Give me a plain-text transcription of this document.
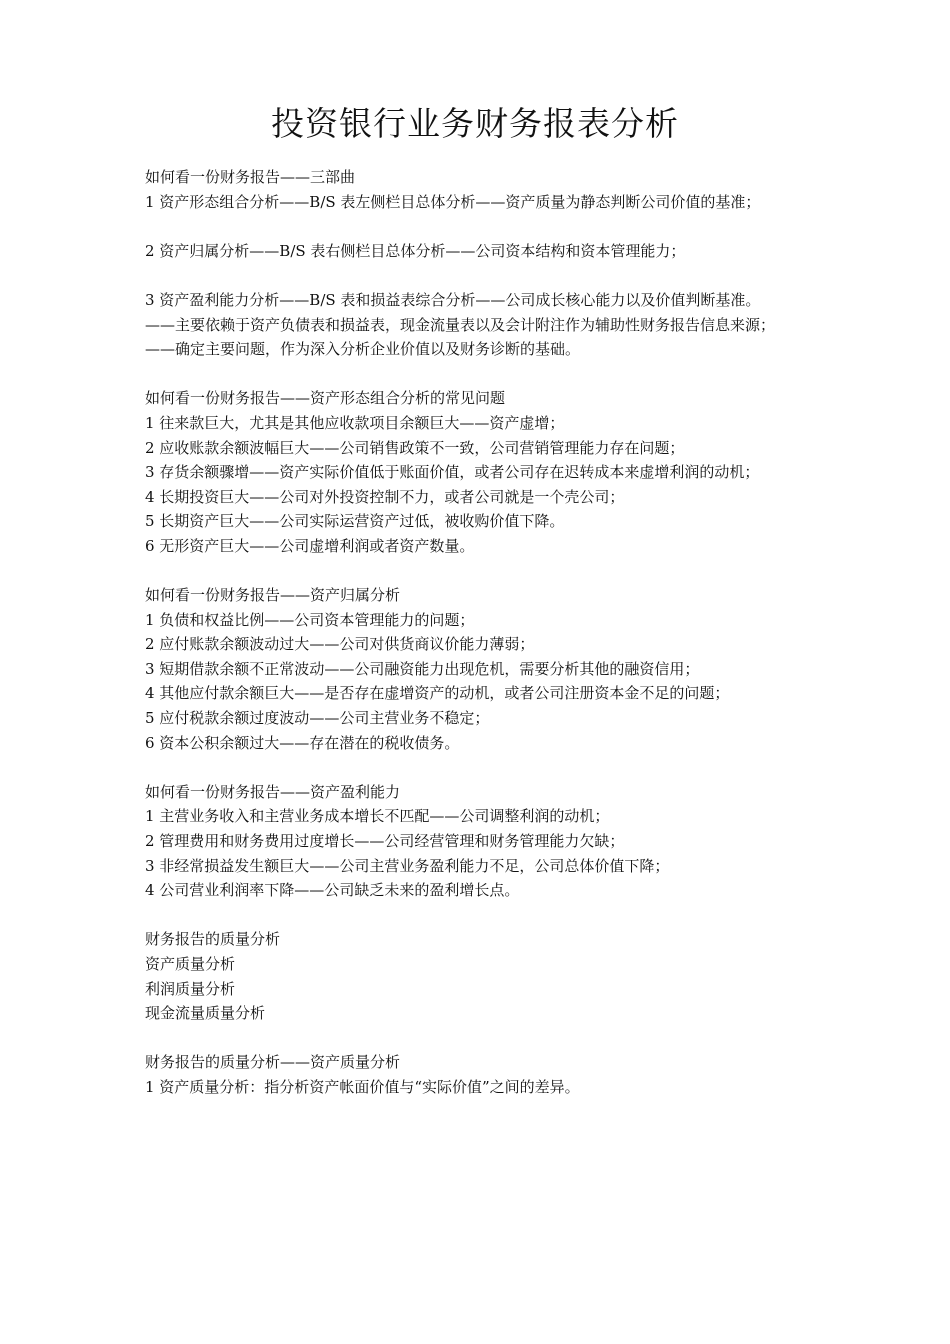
投资银行业务财务报表分析

如何看一份财务报告——三部曲

1 资产形态组合分析——B/S 表左侧栏目总体分析——资产质量为静态判断公司价值的基准；

2 资产归属分析——B/S 表右侧栏目总体分析——公司资本结构和资本管理能力；

3 资产盈利能力分析——B/S 表和损益表综合分析——公司成长核心能力以及价值判断基准。

——主要依赖于资产负债表和损益表，现金流量表以及会计附注作为辅助性财务报告信息来源；

——确定主要问题，作为深入分析企业价值以及财务诊断的基础。

如何看一份财务报告——资产形态组合分析的常见问题

1 往来款巨大，尤其是其他应收款项目余额巨大——资产虚增；

2 应收账款余额波幅巨大——公司销售政策不一致，公司营销管理能力存在问题；

3 存货余额骤增——资产实际价值低于账面价值，或者公司存在迟转成本来虚增利润的动机；

4 长期投资巨大——公司对外投资控制不力，或者公司就是一个壳公司；

5 长期资产巨大——公司实际运营资产过低，被收购价值下降。

6 无形资产巨大——公司虚增利润或者资产数量。

如何看一份财务报告——资产归属分析

1 负债和权益比例——公司资本管理能力的问题；

2 应付账款余额波动过大——公司对供货商议价能力薄弱；

3 短期借款余额不正常波动——公司融资能力出现危机，需要分析其他的融资信用；

4 其他应付款余额巨大——是否存在虚增资产的动机，或者公司注册资本金不足的问题；

5 应付税款余额过度波动——公司主营业务不稳定；

6 资本公积余额过大——存在潜在的税收债务。

如何看一份财务报告——资产盈利能力

1 主营业务收入和主营业务成本增长不匹配——公司调整利润的动机；

2 管理费用和财务费用过度增长——公司经营管理和财务管理能力欠缺；

3 非经常损益发生额巨大——公司主营业务盈利能力不足，公司总体价值下降；

4 公司营业利润率下降——公司缺乏未来的盈利增长点。

财务报告的质量分析

资产质量分析

利润质量分析

现金流量质量分析

财务报告的质量分析——资产质量分析

1 资产质量分析：指分析资产帐面价值与“实际价值”之间的差异。
